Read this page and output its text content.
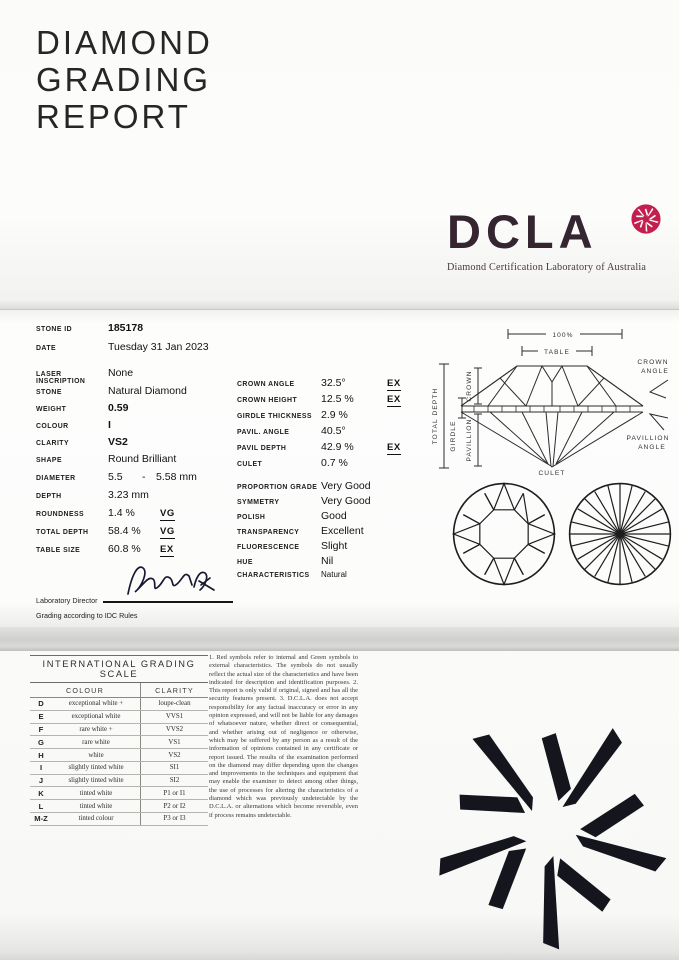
DIAMOND
GRADING
REPORT
DCLA
Diamond Certification Laboratory of Australia
STONE ID	185178
DATE	Tuesday 31 Jan 2023
LASER INSCRIPTION
None
STONE	Natural Diamond
WEIGHT	0.59
COLOUR	I
CLARITY	VS2
SHAPE	Round Brilliant
DIAMETER	5.5	-	5.58 mm
DEPTH	3.23 mm
ROUNDNESS	1.4 %	VG
TOTAL DEPTH	58.4 %	VG
TABLE SIZE	60.8 %	EX
Laboratory Director
Grading according to IDC Rules
CROWN ANGLE	32.5°	EX
CROWN HEIGHT	12.5 %	EX
GIRDLE THICKNESS 2.9 %
PAVIL. ANGLE	40.5°
PAVIL DEPTH	42.9 %	EX
CULET	0.7 %
PROPORTION GRADE Very Good
SYMMETRY	Very Good
POLISH	Good
TRANSPARENCY	Excellent
FLUORESCENCE	Slight
HUE	Nil
CHARACTERISTICS	Natural
100%
TABLE
CROWN
ANGLE
PAVILLION
ANGLE
CULET
TOTAL DEPTH
CROWN
GIRDLE PAVILLION
INTERNATIONAL GRADING SCALE
COLOUR	CLARITY
D	exceptional white +	loupe-clean
E	exceptional white	VVS1
F	rare white +	VVS2
G	rare white	VS1
H	white	VS2
I	slightly tinted white	SI1
J	slightly tinted white	SI2
K	tinted white	P1 or I1
L	tinted white	P2 or I2
M-Z	tinted colour	P3 or I3
1. Red symbols refer to internal and Green symbols to external characteristics. The symbols do not usually reflect the actual size of the characteristics and have been indicated for description and identification purposes. 2. This report is only valid if original, signed and has all the security features present. 3. D.C.L.A. does not accept responsibility for any factual inaccuracy or error in any opinion expressed, and will not be liable for any damages of whatsoever nature, whether direct or consequential, and whether arising out of negligence or otherwise, which may be suffered by any person as a result of the information of opinions contained in any certificate or report issued. The results of the examination performed on the diamond may differ depending upon the changes and improvements in the techniques and equipment that may enable the examiner to detect among other things, the use of processes for altering the characteristics of a diamond which was previously undetectable by the D.C.L.A. or alternations which become reversible, even if process remains undetectable.
